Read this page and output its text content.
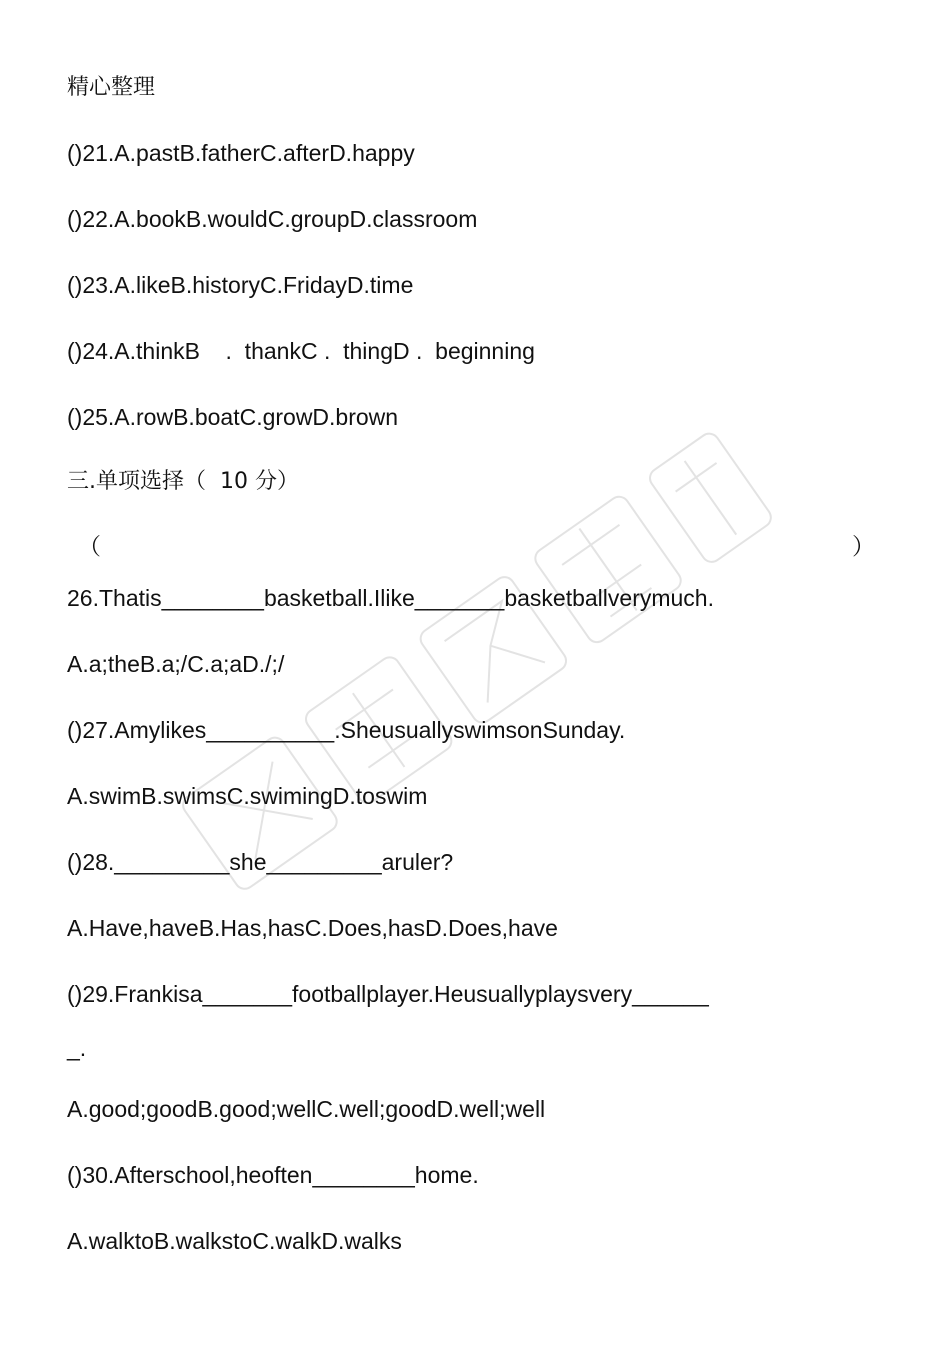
精心整理
()21.A.pastB.fatherC.afterD.happy
()22.A.bookB.wouldC.groupD.classroom
()23.A.likeB.historyC.FridayD.time
()24.A.thinkB    .  thankC .  thingD .  beginning
()25.A.rowB.boatC.growD.brown
三.单项选择（  10 分）
（	）
26.Thatis________basketball.Ilike_______basketballverymuch.
A.a;theB.a;/C.a;aD./;/
()27.Amylikes__________.SheusuallyswimsonSunday.
A.swimB.swimsC.swimingD.toswim
()28._________she_________aruler?
A.Have,haveB.Has,hasC.Does,hasD.Does,have
()29.Frankisa_______footballplayer.Heusuallyplaysvery______
_.
A.good;goodB.good;wellC.well;goodD.well;well
()30.Afterschool,heoften________home.
A.walktoB.walkstoC.walkD.walks
